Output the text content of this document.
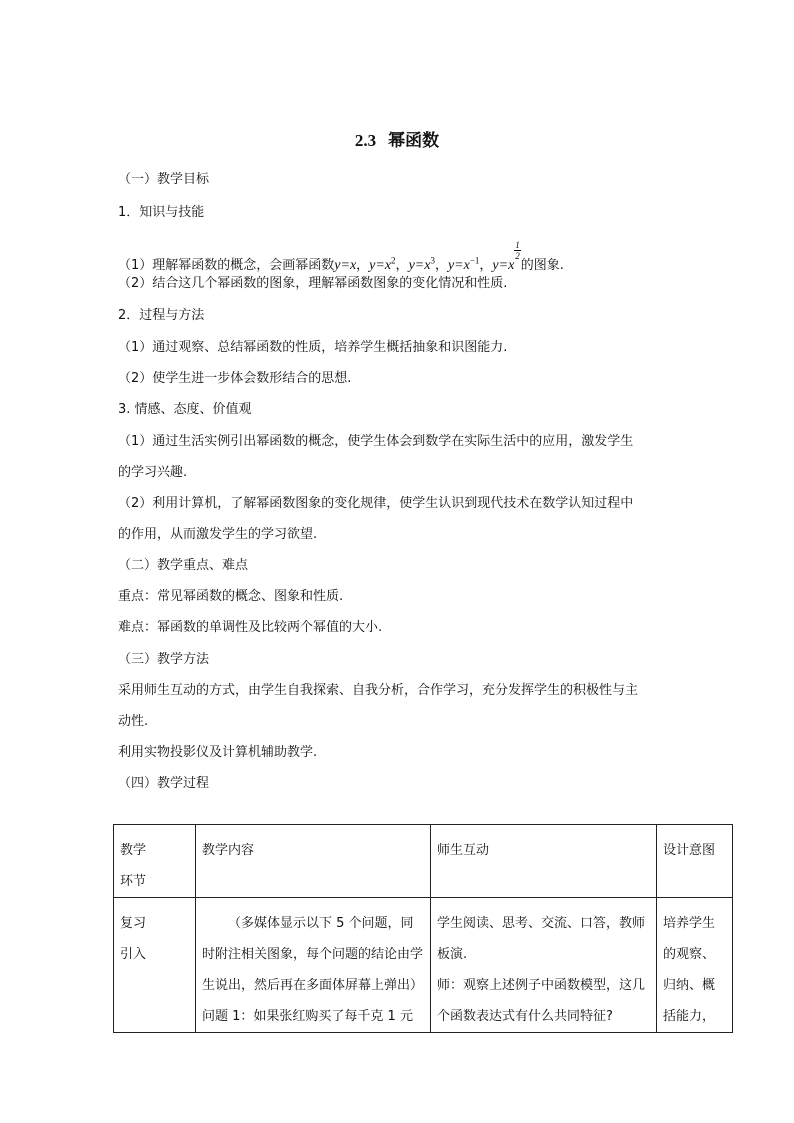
2.3 幂函数
（一）教学目标
1．知识与技能
（1）理解幂函数的概念，会画幂函数y=x，$y=x^2$，$y=x^3$，$y=x^{-1}$，y=x
$\frac{1}{2}$
的图象.
（2）结合这几个幂函数的图象，理解幂函数图象的变化情况和性质.
2．过程与方法
（1）通过观察、总结幂函数的性质，培养学生概括抽象和识图能力.
（2）使学生进一步体会数形结合的思想.
3. 情感、态度、价值观
（1）通过生活实例引出幂函数的概念，使学生体会到数学在实际生活中的应用，激发学生
的学习兴趣.
（2）利用计算机，了解幂函数图象的变化规律，使学生认识到现代技术在数学认知过程中
的作用，从而激发学生的学习欲望.
（二）教学重点、难点
重点：常见幂函数的概念、图象和性质.
难点：幂函数的单调性及比较两个幂值的大小.
（三）教学方法
采用师生互动的方式，由学生自我探索、自我分析，合作学习，充分发挥学生的积极性与主
动性.
利用实物投影仪及计算机辅助教学.
（四）教学过程
教学
环节	教学内容	师生互动	设计意图
复习
引入	（多媒体显示以下 5 个问题，同时附注相关图象，每个问题的结论由学生说出，然后再在多面体屏幕上弹出）问题 1：如果张红购买了每千克 1 元	学生阅读、思考、交流、口答，教师板演.
师：观察上述例子中函数模型，这几个函数表达式有什么共同特征?	培养学生的观察、归纳、概括能力，
